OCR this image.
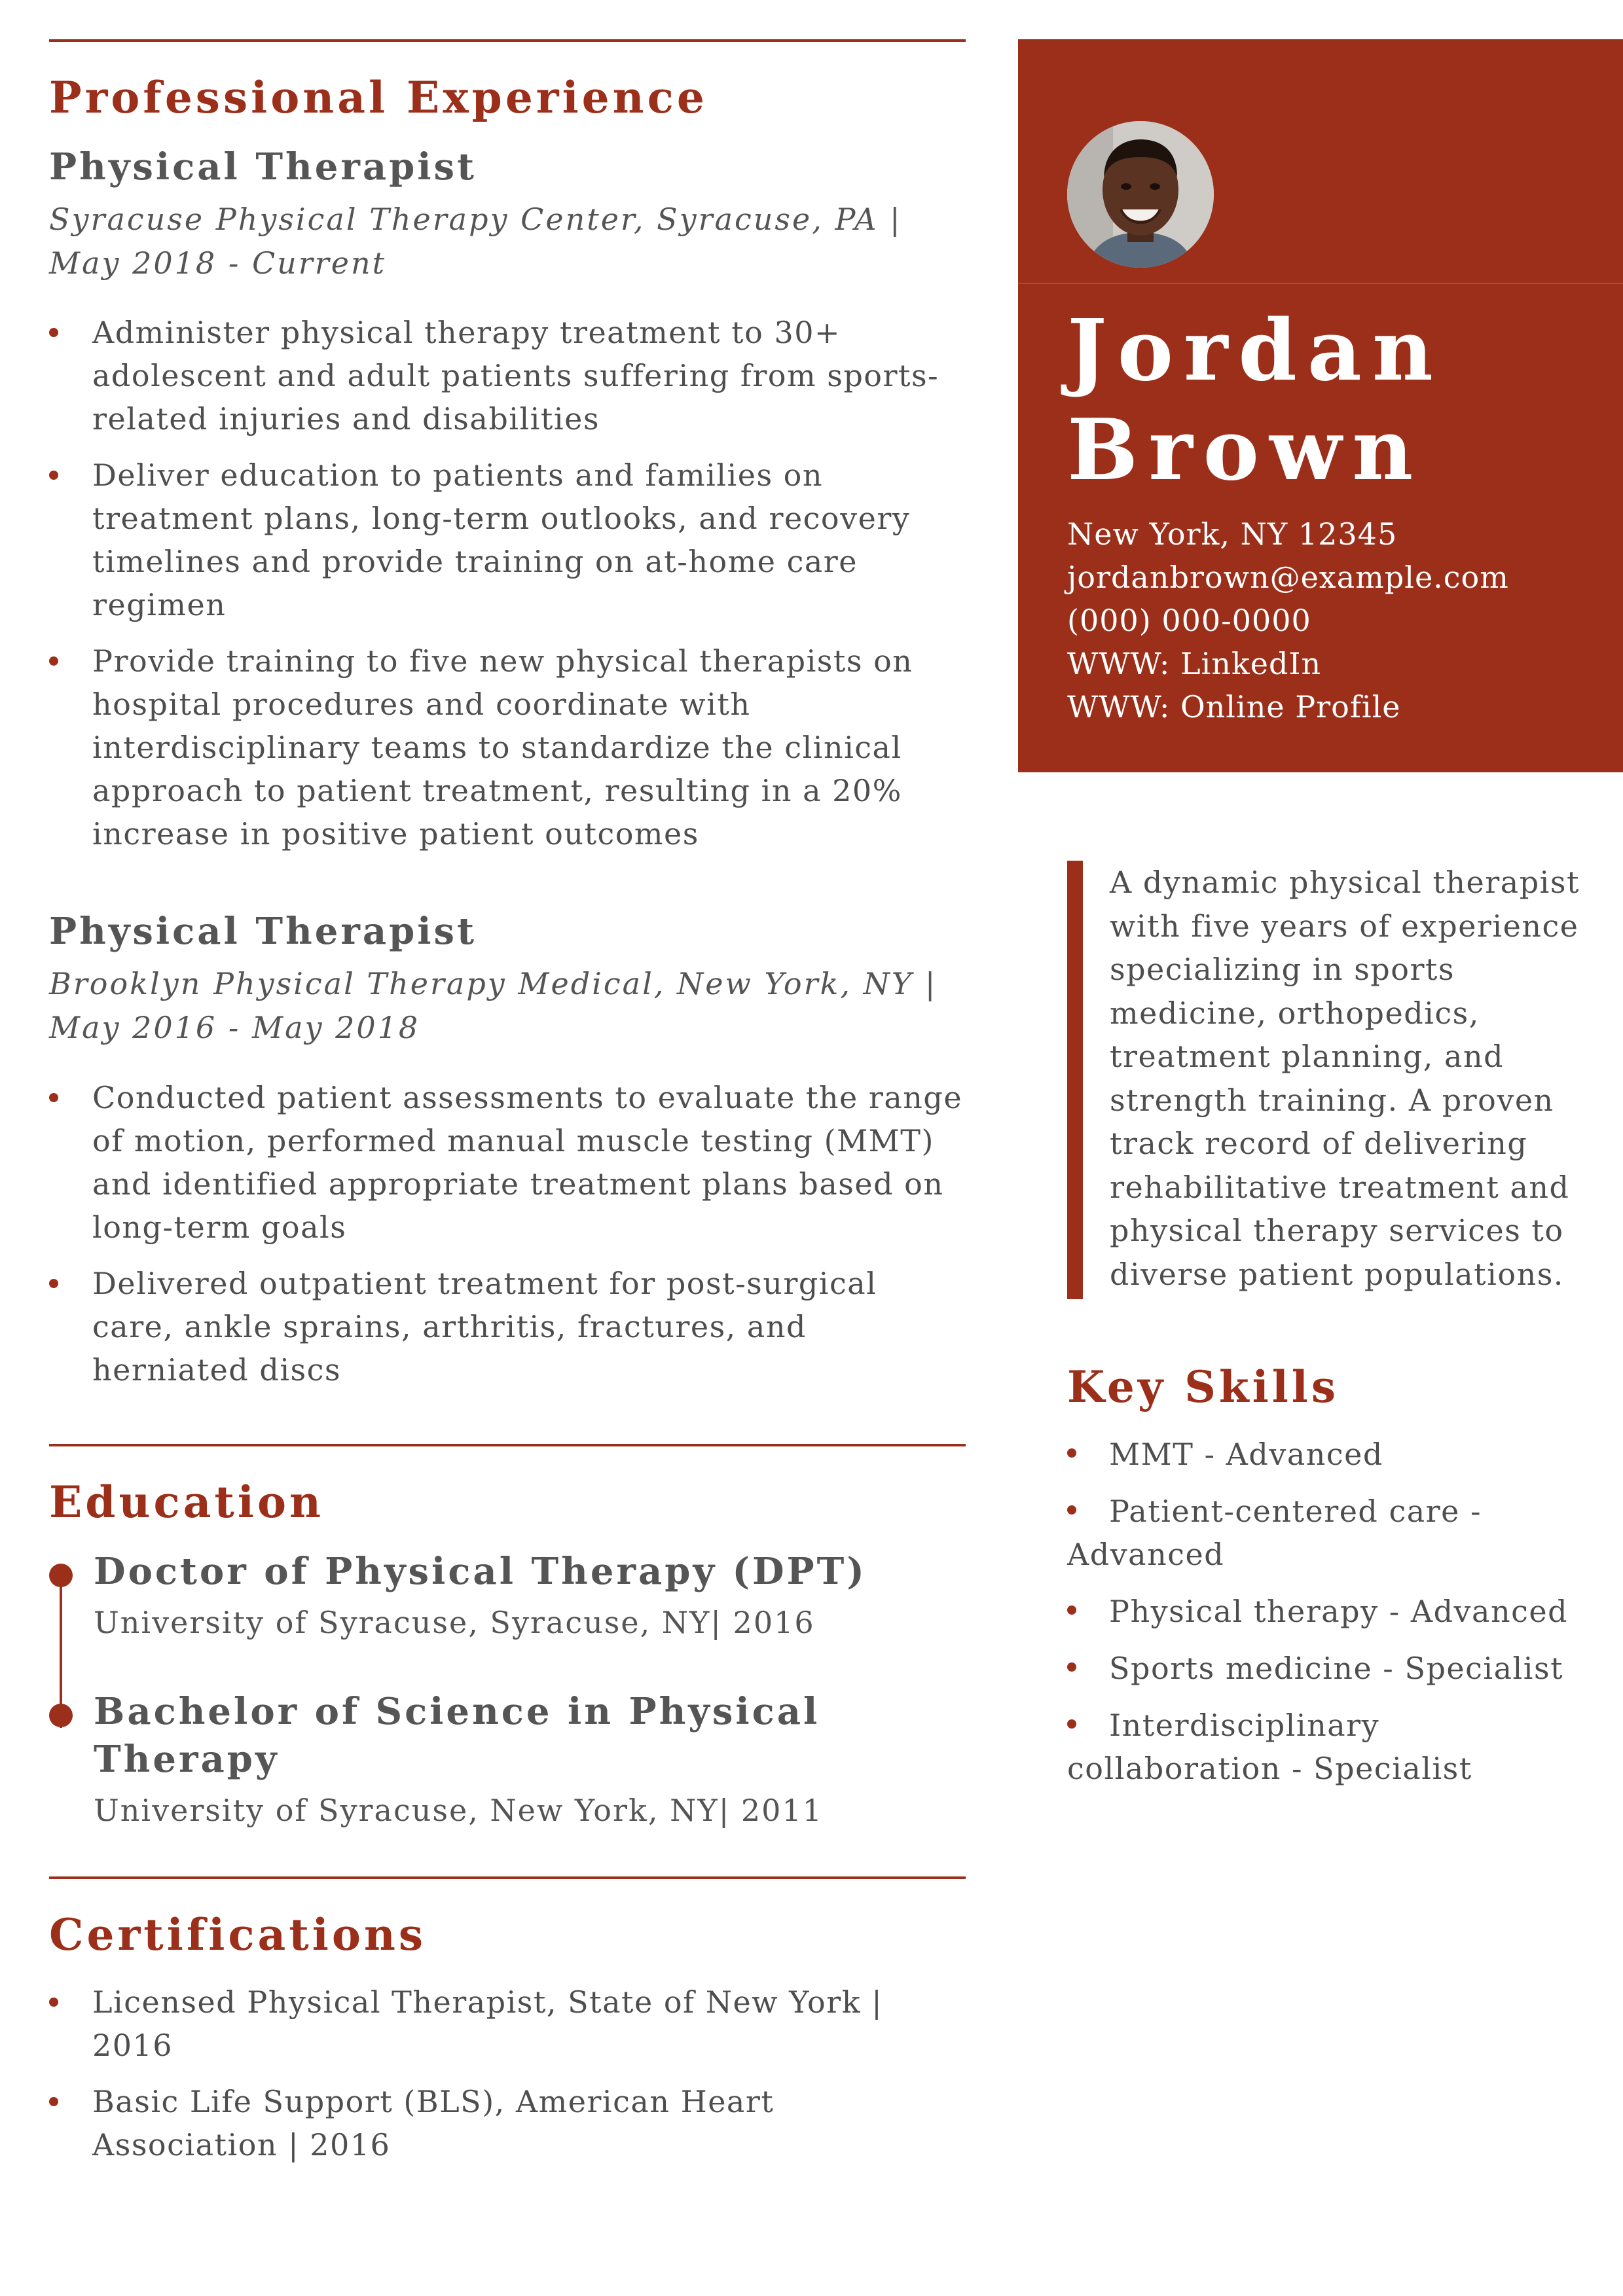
Professional Experience
Physical Therapist
Syracuse Physical Therapy Center, Syracuse, PA | May 2018 - Current
Administer physical therapy treatment to 30+ adolescent and adult patients suffering from sports-related injuries and disabilities
Deliver education to patients and families on treatment plans, long-term outlooks, and recovery timelines and provide training on at-home care regimen
Provide training to five new physical therapists on hospital procedures and coordinate with interdisciplinary teams to standardize the clinical approach to patient treatment, resulting in a 20% increase in positive patient outcomes
Physical Therapist
Brooklyn Physical Therapy Medical, New York, NY | May 2016 - May 2018
Conducted patient assessments to evaluate the range of motion, performed manual muscle testing (MMT) and identified appropriate treatment plans based on long-term goals
Delivered outpatient treatment for post-surgical care, ankle sprains, arthritis, fractures, and herniated discs
Education
Doctor of Physical Therapy (DPT)
University of Syracuse, Syracuse, NY| 2016
Bachelor of Science in Physical Therapy
University of Syracuse, New York, NY| 2011
Certifications
Licensed Physical Therapist, State of New York | 2016
Basic Life Support (BLS), American Heart Association | 2016
Jordan
Brown
New York, NY 12345
jordanbrown@example.com
(000) 000-0000
WWW: LinkedIn
WWW: Online Profile

A dynamic physical therapist with five years of experience specializing in sports medicine, orthopedics, treatment planning, and strength training. A proven track record of delivering rehabilitative treatment and physical therapy services to diverse patient populations.

Key Skills
MMT - Advanced
Patient-centered care - Advanced
Physical therapy - Advanced
Sports medicine - Specialist
Interdisciplinary collaboration - Specialist
